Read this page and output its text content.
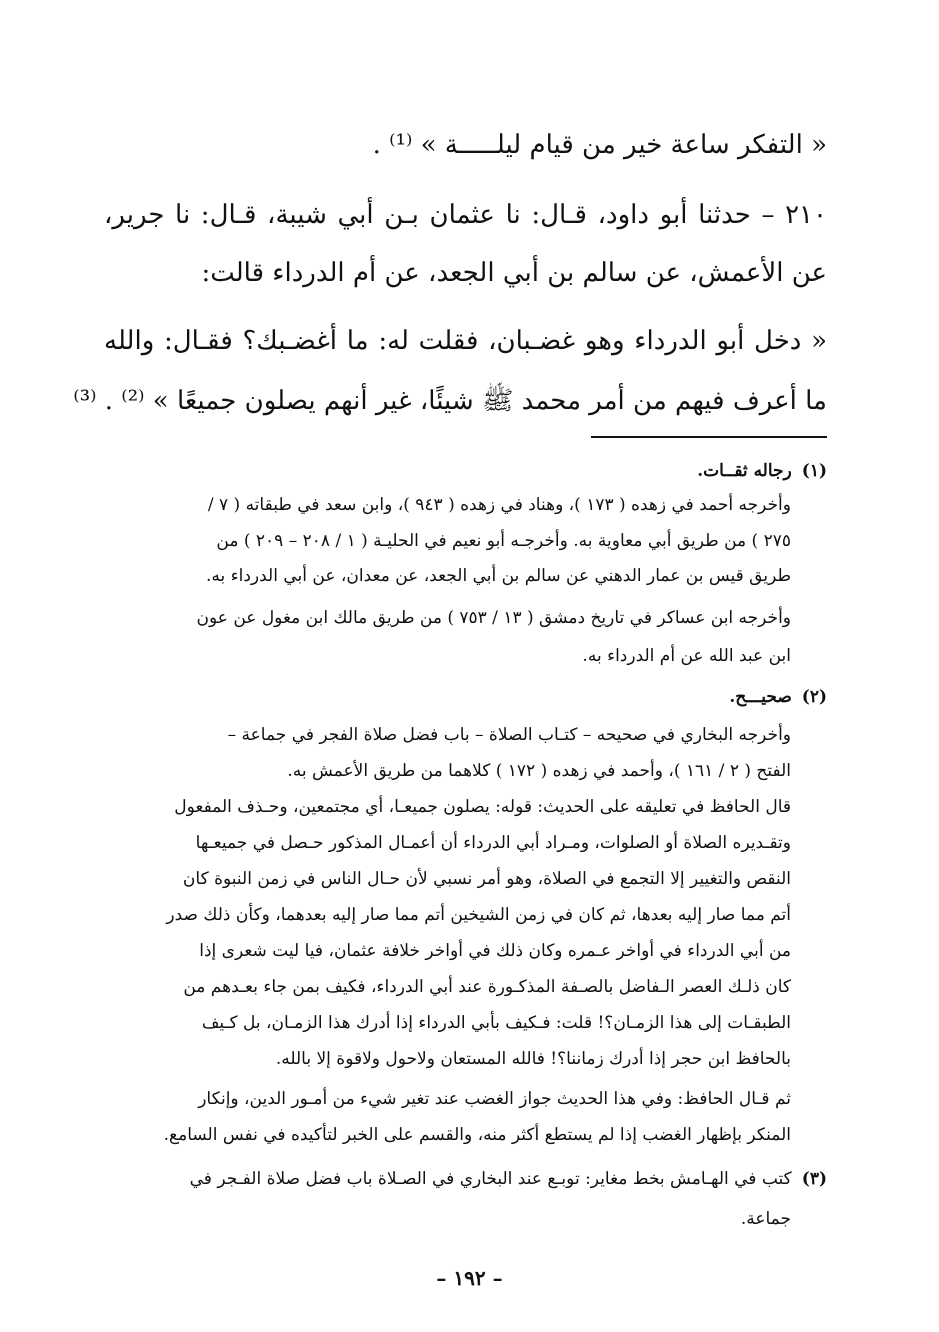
« التفكر ساعة خير من قيام ليلـــــة » ⁽¹⁾ .
٢١٠ – حدثنا أبو داود، قـال: نا عثمان بـن أبي شيبة، قـال: نا جرير،
عن الأعمش، عن سالم بن أبي الجعد، عن أم الدرداء قالت:
« دخل أبو الدرداء وهو غضـبان، فقلت له: ما أغضـبك؟ فقـال: والله
ما أعرف فيهم من أمر محمد ﷺ شيئًا، غير أنهم يصلون جميعًا » ⁽²⁾ . ⁽³⁾
(١)رجاله ثقــات.
وأخرجه أحمد في زهده ( ١٧٣ )، وهناد في زهده ( ٩٤٣ )، وابن سعد في طبقاته ( ٧ /
٢٧٥ ) من طريق أبي معاوية به. وأخرجـه أبو نعيم في الحليـة ( ١ / ٢٠٨ – ٢٠٩ ) من
طريق قيس بن عمار الدهني عن سالم بن أبي الجعد، عن معدان، عن أبي الدرداء به.
وأخرجه ابن عساكر في تاريخ دمشق ( ١٣ / ٧٥٣ ) من طريق مالك ابن مغول عن عون
ابن عبد الله عن أم الدرداء به.
(٢)صحيـــح.
وأخرجه البخاري في صحيحه – كتـاب الصلاة – باب فضل صلاة الفجر في جماعة –
الفتح ( ٢ / ١٦١ )، وأحمد في زهده ( ١٧٢ ) كلاهما من طريق الأعمش به.
قال الحافظ في تعليقه على الحديث: قوله: يصلون جميعـا، أي مجتمعين، وحـذف المفعول
وتقـديره الصلاة أو الصلوات، ومـراد أبي الدرداء أن أعمـال المذكور حـصل في جميعـها
النقص والتغيير إلا التجمع في الصلاة، وهو أمر نسبي لأن حـال الناس في زمن النبوة كان
أتم مما صار إليه بعدها، ثم كان في زمن الشيخين أتم مما صار إليه بعدهما، وكأن ذلك صدر
من أبي الدرداء في أواخر عـمره وكان ذلك في أواخر خلافة عثمان، فيا ليت شعرى إذا
كان ذلـك العصر الـفاضل بالصـفة المذكـورة عند أبي الدرداء، فكيف بمن جاء بعـدهم من
الطبقـات إلى هذا الزمـان؟! قلت: فـكيف بأبي الدرداء إذا أدرك هذا الزمـان، بل كـيف
بالحافظ ابن حجر إذا أدرك زماننا؟! فالله المستعان ولاحول ولاقوة إلا بالله.
ثم قـال الحافظ: وفي هذا الحديث جواز الغضب عند تغير شيء من أمـور الدين، وإنكار
المنكر بإظهار الغضب إذا لم يستطع أكثر منه، والقسم على الخبر لتأكيده في نفس السامع.
(٣)كتب في الهـامش بخط مغاير: توبـع عند البخاري في الصـلاة باب فضل صلاة الفـجر في
جماعة.
– ١٩٢ –
